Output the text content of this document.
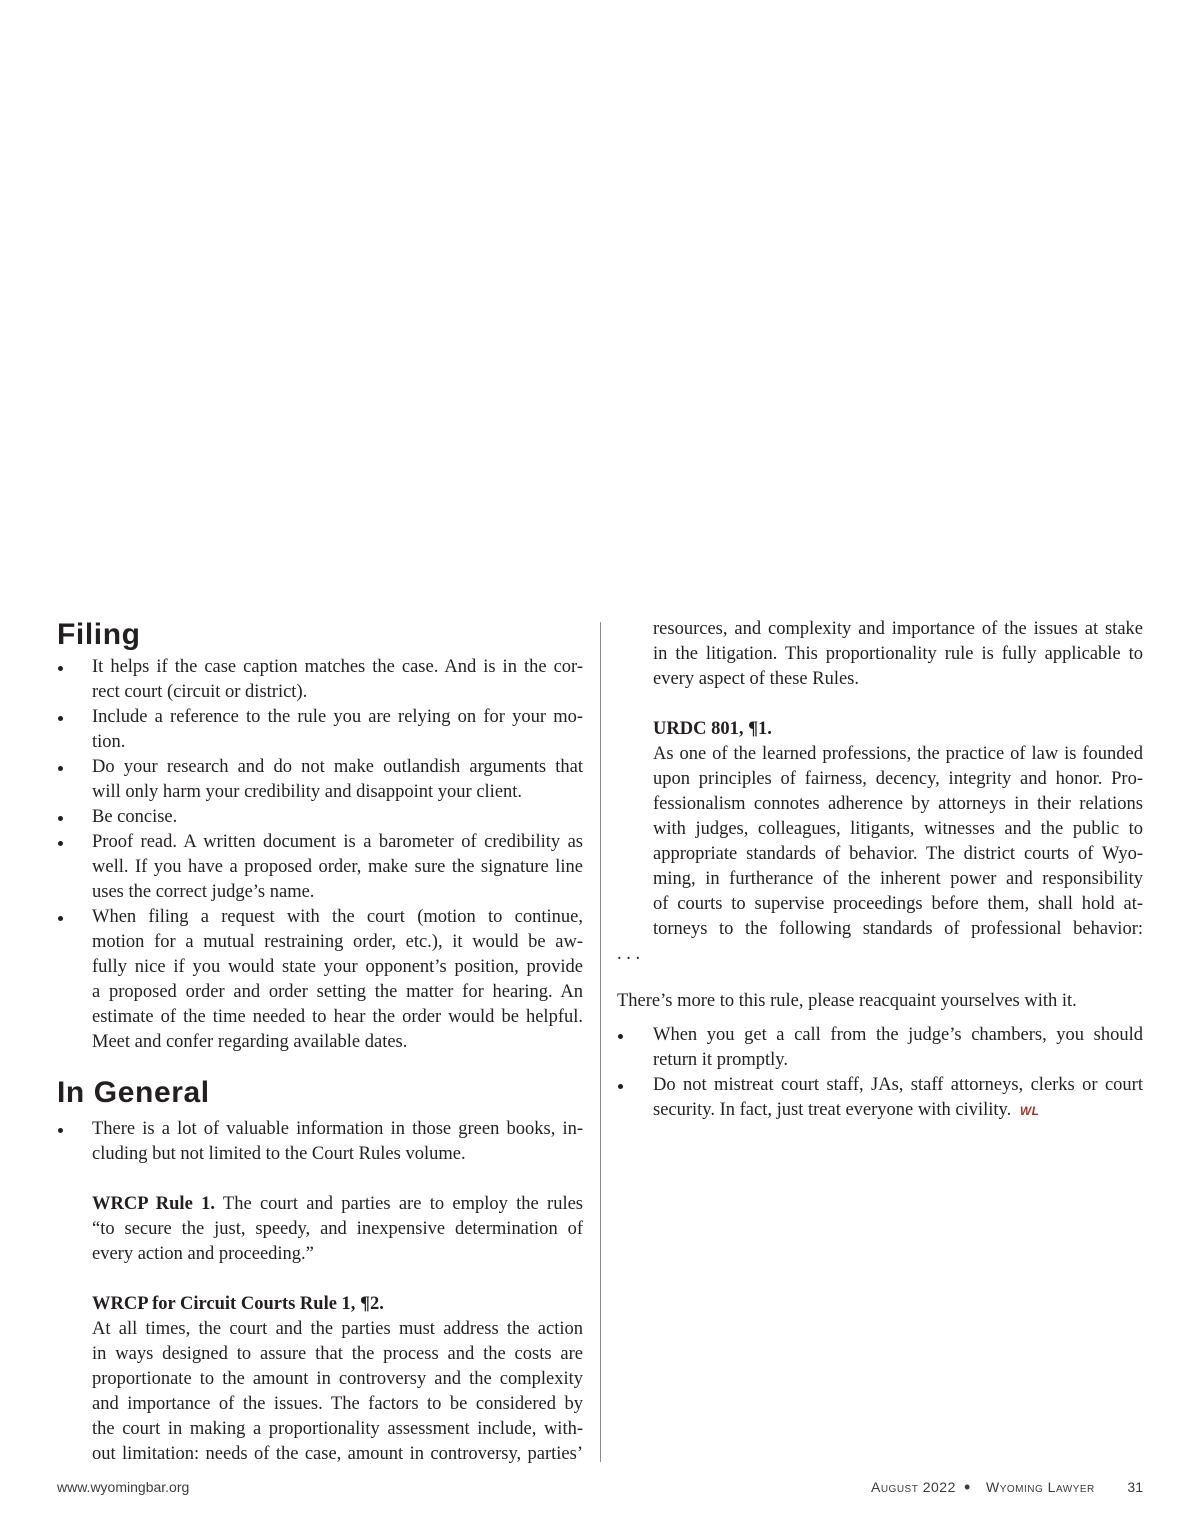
Filing
It helps if the case caption matches the case. And is in the cor-
rect court (circuit or district).
Include a reference to the rule you are relying on for your mo-
tion.
Do your research and do not make outlandish arguments that
will only harm your credibility and disappoint your client.
Be concise.
Proof read. A written document is a barometer of credibility as
well. If you have a proposed order, make sure the signature line
uses the correct judge’s name.
When filing a request with the court (motion to continue,
motion for a mutual restraining order, etc.), it would be aw-
fully nice if you would state your opponent’s position, provide
a proposed order and order setting the matter for hearing. An
estimate of the time needed to hear the order would be helpful.
Meet and confer regarding available dates.
In General
There is a lot of valuable information in those green books, in-
cluding but not limited to the Court Rules volume.
WRCP Rule 1. The court and parties are to employ the rules
“to secure the just, speedy, and inexpensive determination of
every action and proceeding.”
WRCP for Circuit Courts Rule 1, ¶2.
At all times, the court and the parties must address the action
in ways designed to assure that the process and the costs are
proportionate to the amount in controversy and the complexity
and importance of the issues. The factors to be considered by
the court in making a proportionality assessment include, with-
out limitation: needs of the case, amount in controversy, parties’
resources, and complexity and importance of the issues at stake
in the litigation. This proportionality rule is fully applicable to
every aspect of these Rules.
URDC 801, ¶1.
As one of the learned professions, the practice of law is founded
upon principles of fairness, decency, integrity and honor. Pro-
fessionalism connotes adherence by attorneys in their relations
with judges, colleagues, litigants, witnesses and the public to
appropriate standards of behavior. The district courts of Wyo-
ming, in furtherance of the inherent power and responsibility
of courts to supervise proceedings before them, shall hold at-
torneys to the following standards of professional behavior:
. . .
There’s more to this rule, please reacquaint yourselves with it.
When you get a call from the judge’s chambers, you should
return it promptly.
Do not mistreat court staff, JAs, staff attorneys, clerks or court
security. In fact, just treat everyone with civility. WL
www.wyomingbar.org	August 2022 • Wyoming Lawyer 31
